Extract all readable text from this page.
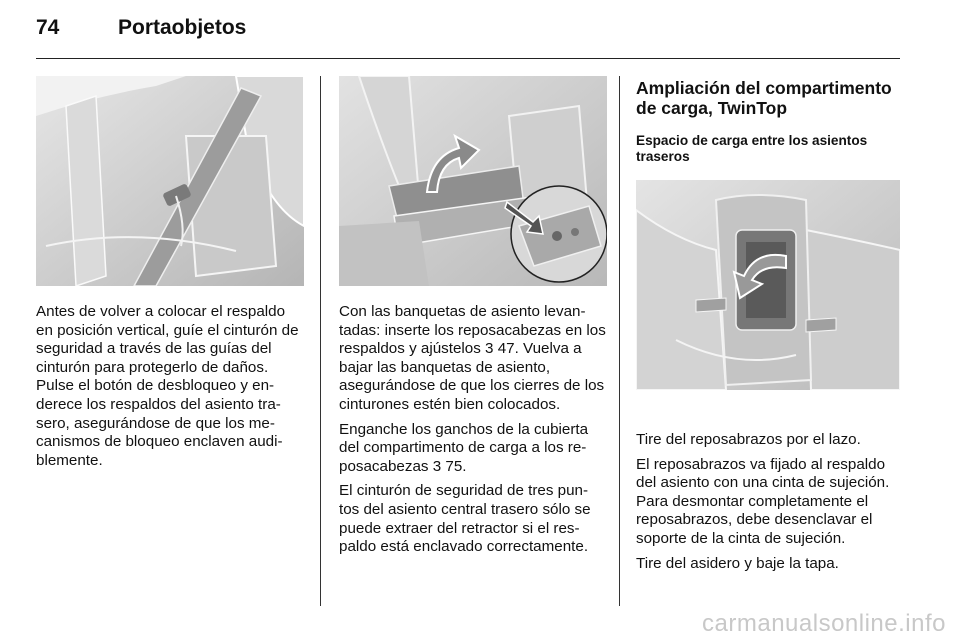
74	Portaobjetos

Antes de volver a colocar el respaldo en posición vertical, guíe el cinturón de seguridad a través de las guías del cinturón para protegerlo de daños. Pulse el botón de desbloqueo y en-derece los respaldos del asiento tra-sero, asegurándose de que los me-canismos de bloqueo enclaven audi-blemente.

Con las banquetas de asiento levan-tadas: inserte los reposacabezas en los respaldos y ajústelos 3 47. Vuelva a bajar las banquetas de asiento, asegurándose de que los cierres de los cinturones estén bien colocados.

Enganche los ganchos de la cubierta del compartimento de carga a los re-posacabezas 3 75.

El cinturón de seguridad de tres pun-tos del asiento central trasero sólo se puede extraer del retractor si el res-paldo está enclavado correctamente.

Ampliación del compartimento de carga, TwinTop
Espacio de carga entre los asientos traseros

Tire del reposabrazos por el lazo.

El reposabrazos va fijado al respaldo del asiento con una cinta de sujeción. Para desmontar completamente el reposabrazos, debe desenclavar el soporte de la cinta de sujeción.

Tire del asidero y baje la tapa.

carmanualsonline.info
